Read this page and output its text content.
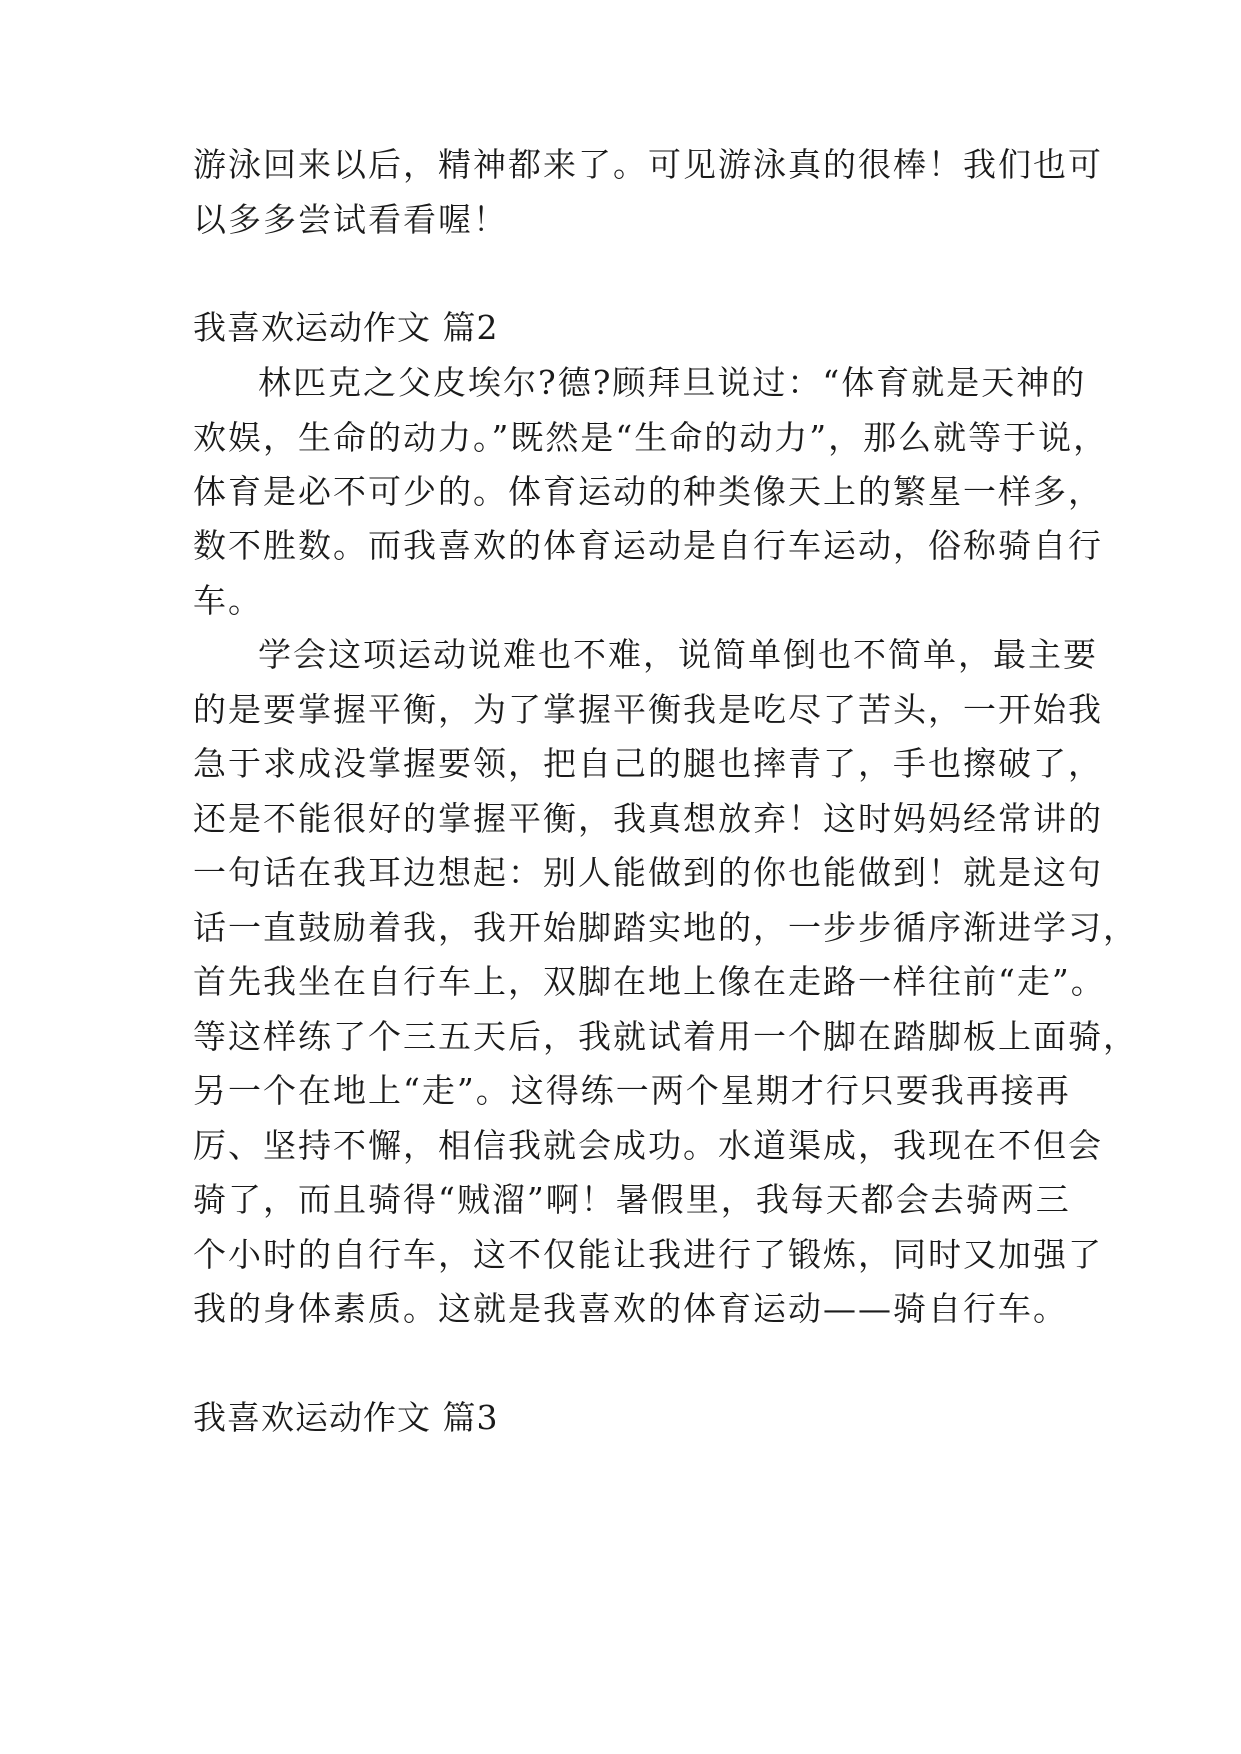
游泳回来以后，精神都来了。可见游泳真的很棒！我们也可
以多多尝试看看喔！
我喜欢运动作文 篇2
林匹克之父皮埃尔?德?顾拜旦说过：“体育就是天神的
欢娱，生命的动力。”既然是“生命的动力”，那么就等于说，
体育是必不可少的。体育运动的种类像天上的繁星一样多，
数不胜数。而我喜欢的体育运动是自行车运动，俗称骑自行
车。
学会这项运动说难也不难，说简单倒也不简单，最主要
的是要掌握平衡，为了掌握平衡我是吃尽了苦头，一开始我
急于求成没掌握要领，把自己的腿也摔青了，手也擦破了，
还是不能很好的掌握平衡，我真想放弃！这时妈妈经常讲的
一句话在我耳边想起：别人能做到的你也能做到！就是这句
话一直鼓励着我，我开始脚踏实地的，一步步循序渐进学习，
首先我坐在自行车上，双脚在地上像在走路一样往前“走”。
等这样练了个三五天后，我就试着用一个脚在踏脚板上面骑，
另一个在地上“走”。这得练一两个星期才行只要我再接再
厉、坚持不懈，相信我就会成功。水道渠成，我现在不但会
骑了，而且骑得“贼溜”啊！暑假里，我每天都会去骑两三
个小时的自行车，这不仅能让我进行了锻炼，同时又加强了
我的身体素质。这就是我喜欢的体育运动——骑自行车。
我喜欢运动作文 篇3
